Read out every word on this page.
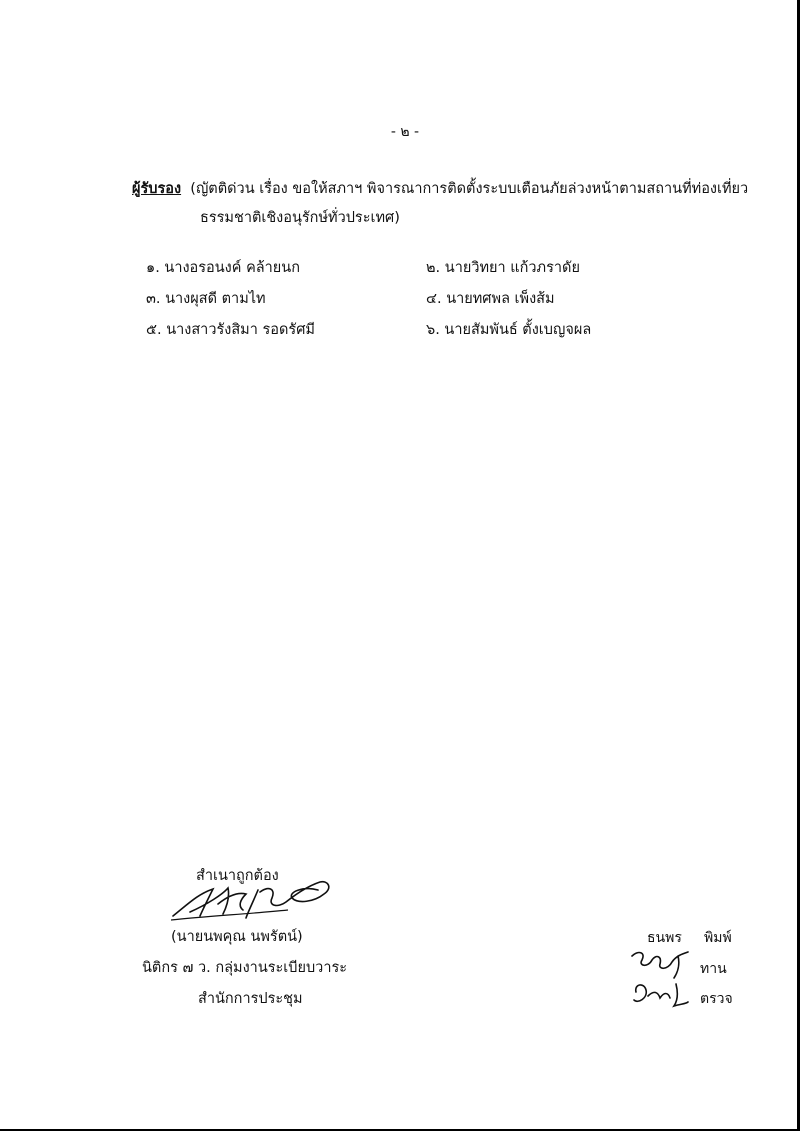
- ๒ -
ผู้รับรอง (ญัตติด่วน เรื่อง ขอให้สภาฯ พิจารณาการติดตั้งระบบเตือนภัยล่วงหน้าตามสถานที่ท่องเที่ยว
ธรรมชาติเชิงอนุรักษ์ทั่วประเทศ)
๑. นางอรอนงค์ คล้ายนก	๒. นายวิทยา แก้วภราดัย
๓. นางผุสดี ตามไท	๔. นายทศพล เพ็งส้ม
๕. นางสาวรังสิมา รอดรัศมี	๖. นายสัมพันธ์ ตั้งเบญจผล
สำเนาถูกต้อง
(นายนพคุณ นพรัตน์)
นิติกร ๗ ว. กลุ่มงานระเบียบวาระ
สำนักการประชุม
ธนพร พิมพ์
ทาน
ตรวจ
